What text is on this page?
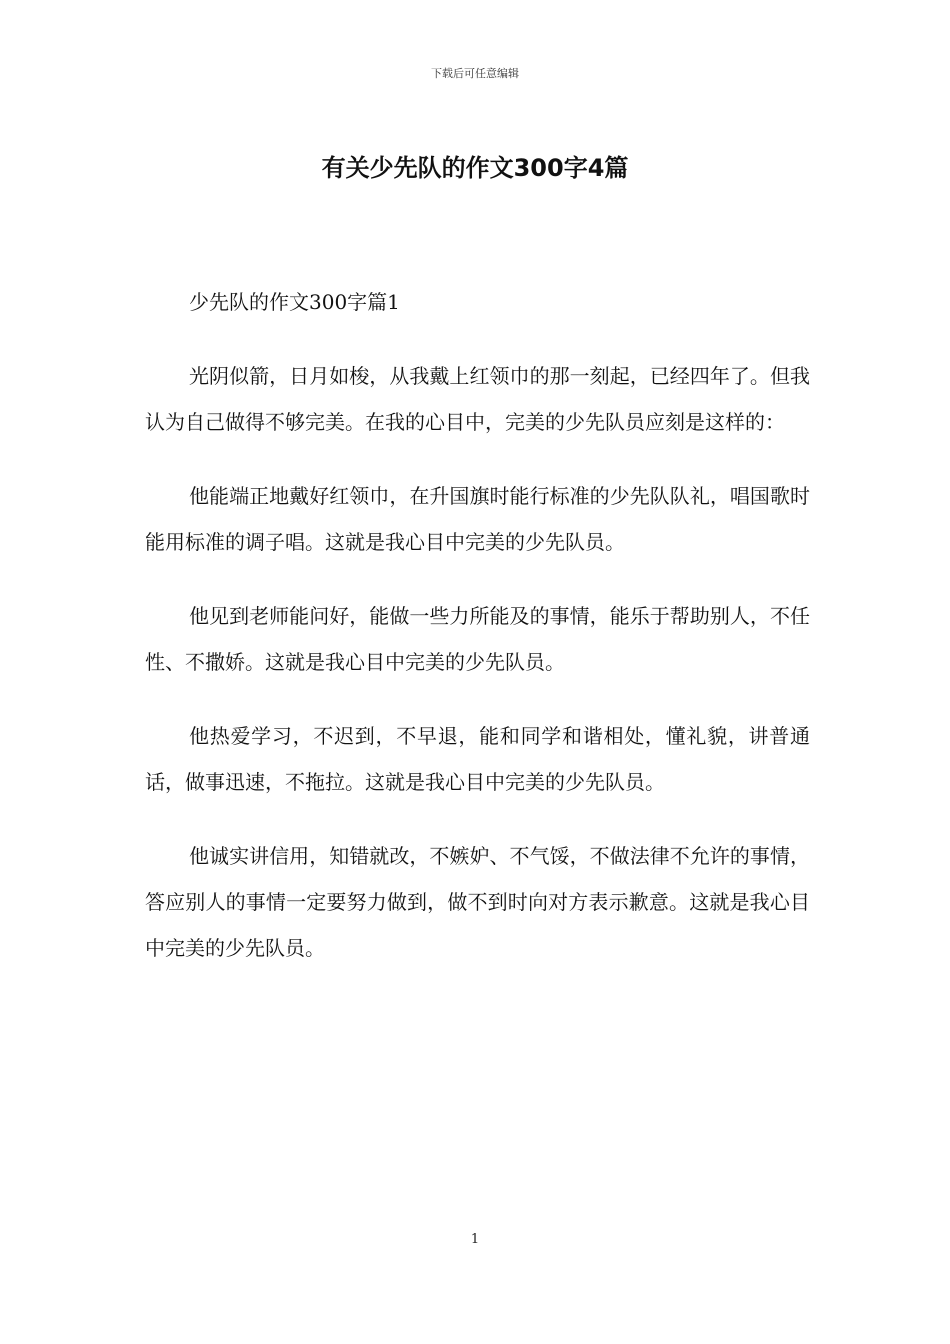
下载后可任意编辑
有关少先队的作文300字4篇

少先队的作文300字篇1

光阴似箭，日月如梭，从我戴上红领巾的那一刻起，已经四年了。但我认为自己做得不够完美。在我的心目中，完美的少先队员应刻是这样的：

他能端正地戴好红领巾，在升国旗时能行标准的少先队队礼，唱国歌时能用标准的调子唱。这就是我心目中完美的少先队员。

他见到老师能问好，能做一些力所能及的事情，能乐于帮助别人，不任性、不撒娇。这就是我心目中完美的少先队员。

他热爱学习，不迟到，不早退，能和同学和谐相处，懂礼貌，讲普通话，做事迅速，不拖拉。这就是我心目中完美的少先队员。

他诚实讲信用，知错就改，不嫉妒、不气馁，不做法律不允许的事情，答应别人的事情一定要努力做到，做不到时向对方表示歉意。这就是我心目中完美的少先队员。

1
